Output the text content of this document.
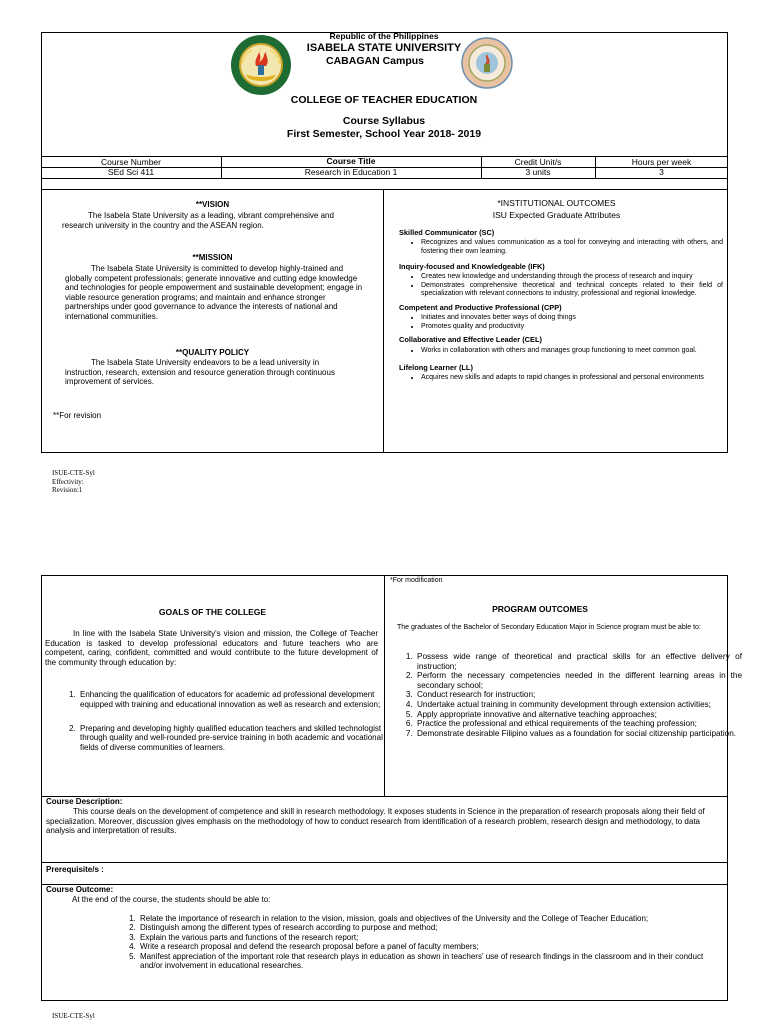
Republic of the Philippines
ISABELA STATE UNIVERSITY
CABAGAN Campus
COLLEGE OF TEACHER EDUCATION
Course Syllabus
First Semester, School Year 2018- 2019
Course Number	Course Title	Credit Unit/s	Hours per week
SEd Sci 411	Research in Education 1	3 units	3
**VISION
The Isabela State University as a leading, vibrant comprehensive and research university in the country and the ASEAN region.
**MISSION
The Isabela State University is committed to develop highly-trained and globally competent professionals; generate innovative and cutting edge knowledge and technologies for people empowerment and sustainable development; engage in viable resource generation programs; and maintain and enhance stronger partnerships under good governance to advance the interests of national and international communities.
**QUALITY POLICY
The Isabela State University endeavors to be a lead university in instruction, research, extension and resource generation through continuous improvement of services.
**For revision
*INSTITUTIONAL OUTCOMES
ISU Expected Graduate Attributes
Skilled Communicator (SC)
• Recognizes and values communication as a tool for conveying and interacting with others, and fostering their own learning.
Inquiry-focused and Knowledgeable (IFK)
• Creates new knowledge and understanding through the process of research and inquiry
• Demonstrates comprehensive theoretical and technical concepts related to their field of specialization with relevant connections to industry, professional and regional knowledge.
Competent and Productive Professional (CPP)
• Initiates and innovates better ways of doing things
• Promotes quality and productivity
Collaborative and Effective Leader (CEL)
• Works in collaboration with others and manages group functioning to meet common goal.
Lifelong Learner (LL)
• Acquires new skills and adapts to rapid changes in professional and personal environments
ISUE-CTE-Syl
Effectivity:
Revision:1
*For modification
GOALS OF THE COLLEGE
In line with the Isabela State University's vision and mission, the College of Teacher Education is tasked to develop professional educators and future teachers who are competent, caring, confident, committed and would contribute to the future development of the community through education by:
1. Enhancing the qualification of educators for academic ad professional development equipped with training and educational innovation as well as research and extension;
2. Preparing and developing highly qualified education teachers and skilled technologist through quality and well-rounded pre-service training in both academic and vocational fields of diverse communities of learners.
PROGRAM OUTCOMES
The graduates of the Bachelor of Secondary Education Major in Science program must be able to:
1. Possess wide range of theoretical and practical skills for an effective delivery of instruction;
2. Perform the necessary competencies needed in the different learning areas in the secondary school;
3. Conduct research for instruction;
4. Undertake actual training in community development through extension activities;
5. Apply appropriate innovative and alternative teaching approaches;
6. Practice the professional and ethical requirements of the teaching profession;
7. Demonstrate desirable Filipino values as a foundation for social citizenship participation.
Course Description:
This course deals on the development of competence and skill in research methodology. It exposes students in Science in the preparation of research proposals along their field of specialization. Moreover, discussion gives emphasis on the methodology of how to conduct research from identification of a research problem, research design and methodology, to data analysis and interpretation of results.
Prerequisite/s :
Course Outcome:
At the end of the course, the students should be able to:
1. Relate the importance of research in relation to the vision, mission, goals and objectives of the University and the College of Teacher Education;
2. Distinguish among the different types of research according to purpose and method;
3. Explain the various parts and functions of the research report;
4. Write a research proposal and defend the research proposal before a panel of faculty members;
5. Manifest appreciation of the important role that research plays in education as shown in teachers' use of research findings in the classroom and in their conduct and/or involvement in educational researches.
ISUE-CTE-Syl
